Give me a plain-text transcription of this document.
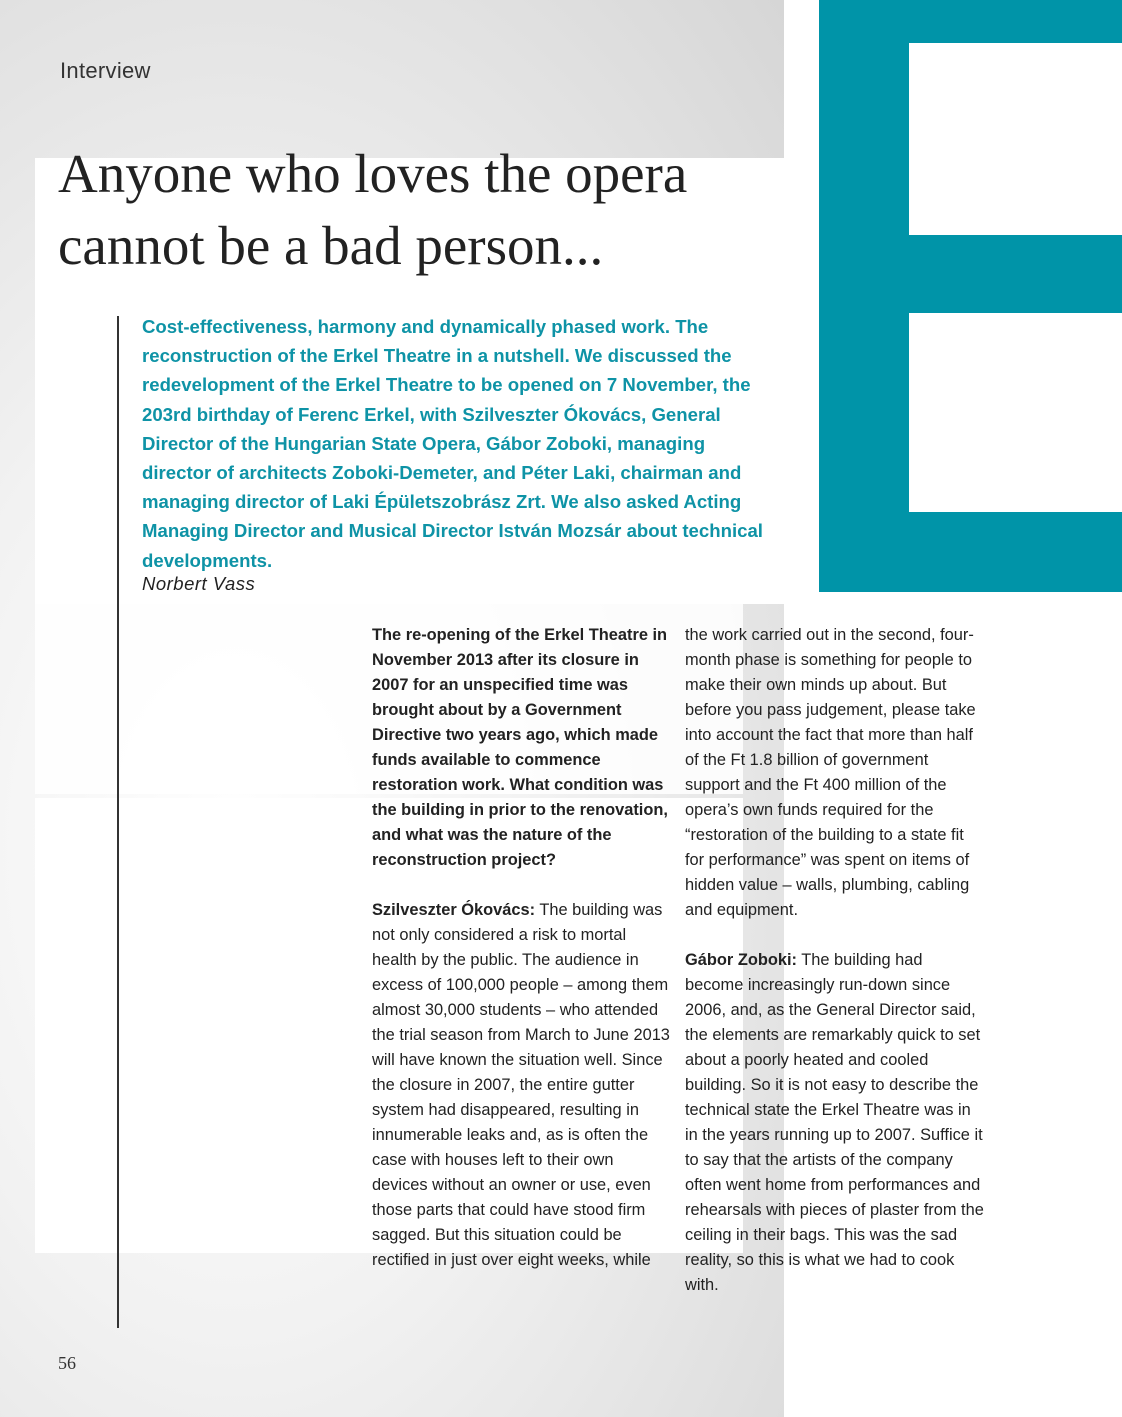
Interview
Anyone who loves the opera cannot be a bad person...

Cost-effectiveness, harmony and dynamically phased work. The reconstruction of the Erkel Theatre in a nutshell. We discussed the redevelopment of the Erkel Theatre to be opened on 7 November, the 203rd birthday of Ferenc Erkel, with Szilveszter Ókovács, General Director of the Hungarian State Opera, Gábor Zoboki, managing director of architects Zoboki-Demeter, and Péter Laki, chairman and managing director of Laki Épületszobrász Zrt. We also asked Acting Managing Director and Musical Director István Mozsár about technical developments.

Norbert Vass

The re-opening of the Erkel Theatre in November 2013 after its closure in 2007 for an unspecified time was brought about by a Government Directive two years ago, which made funds available to commence restoration work. What condition was the building in prior to the renovation, and what was the nature of the reconstruction project?

Szilveszter Ókovács: The building was not only considered a risk to mortal health by the public. The audience in excess of 100,000 people – among them almost 30,000 students – who attended the trial season from March to June 2013 will have known the situation well. Since the closure in 2007, the entire gutter system had disappeared, resulting in innumerable leaks and, as is often the case with houses left to their own devices without an owner or use, even those parts that could have stood firm sagged. But this situation could be rectified in just over eight weeks, while

the work carried out in the second, four-month phase is something for people to make their own minds up about. But before you pass judgement, please take into account the fact that more than half of the Ft 1.8 billion of government support and the Ft 400 million of the opera’s own funds required for the “restoration of the building to a state fit for performance” was spent on items of hidden value – walls, plumbing, cabling and equipment.

Gábor Zoboki: The building had become increasingly run-down since 2006, and, as the General Director said, the elements are remarkably quick to set about a poorly heated and cooled building. So it is not easy to describe the technical state the Erkel Theatre was in in the years running up to 2007. Suffice it to say that the artists of the company often went home from performances and rehearsals with pieces of plaster from the ceiling in their bags. This was the sad reality, so this is what we had to cook with.

56
